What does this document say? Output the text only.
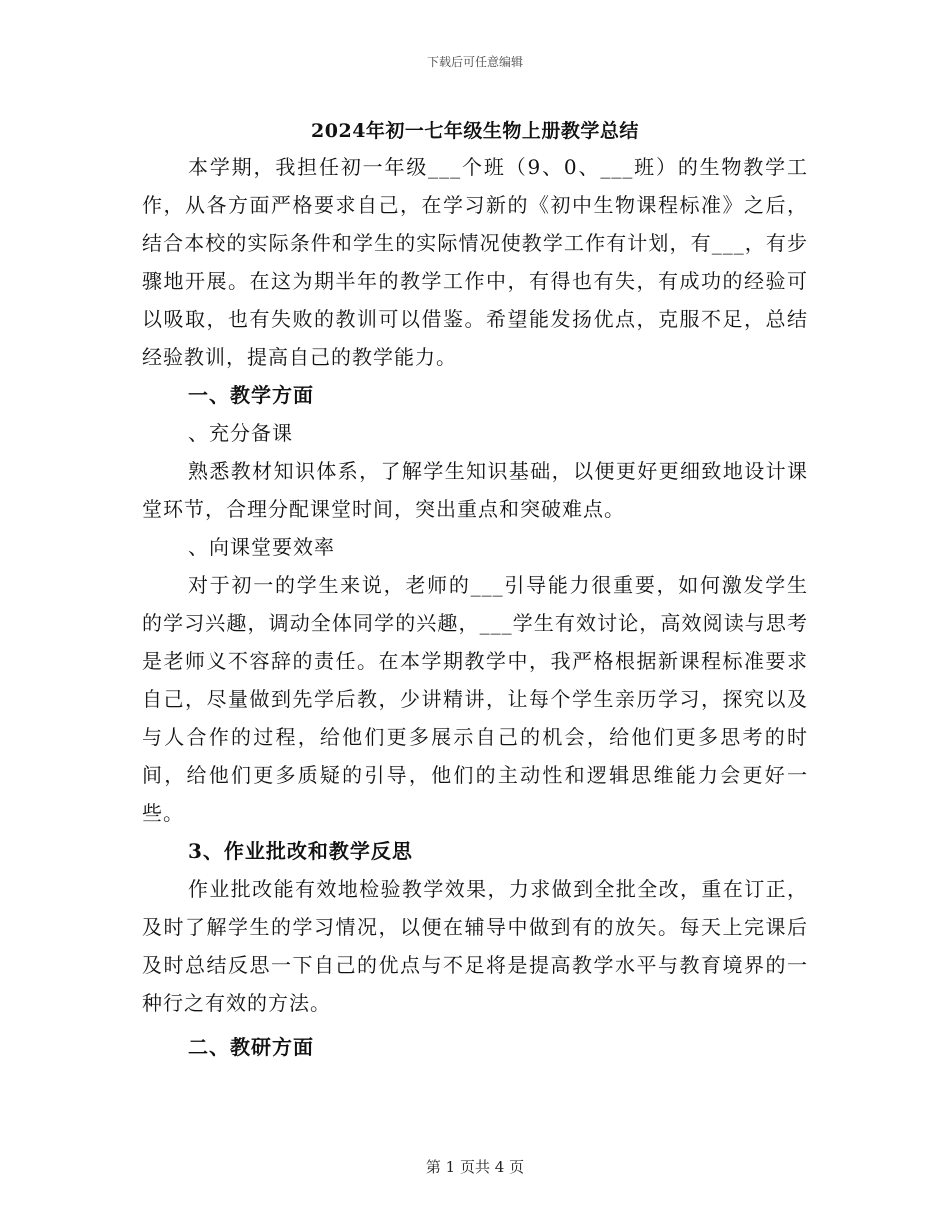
下载后可任意编辑
2024年初一七年级生物上册教学总结

本学期，我担任初一年级___个班（9、0、___班）的生物教学工作，从各方面严格要求自己，在学习新的《初中生物课程标准》之后，结合本校的实际条件和学生的实际情况使教学工作有计划，有___，有步骤地开展。在这为期半年的教学工作中，有得也有失，有成功的经验可以吸取，也有失败的教训可以借鉴。希望能发扬优点，克服不足，总结经验教训，提高自己的教学能力。

一、教学方面

、充分备课

熟悉教材知识体系，了解学生知识基础，以便更好更细致地设计课堂环节，合理分配课堂时间，突出重点和突破难点。

、向课堂要效率

对于初一的学生来说，老师的___引导能力很重要，如何激发学生的学习兴趣，调动全体同学的兴趣，___学生有效讨论，高效阅读与思考是老师义不容辞的责任。在本学期教学中，我严格根据新课程标准要求自己，尽量做到先学后教，少讲精讲，让每个学生亲历学习，探究以及与人合作的过程，给他们更多展示自己的机会，给他们更多思考的时间，给他们更多质疑的引导，他们的主动性和逻辑思维能力会更好一些。

3、作业批改和教学反思

作业批改能有效地检验教学效果，力求做到全批全改，重在订正，及时了解学生的学习情况，以便在辅导中做到有的放矢。每天上完课后及时总结反思一下自己的优点与不足将是提高教学水平与教育境界的一种行之有效的方法。

二、教研方面

第 1 页共 4 页
